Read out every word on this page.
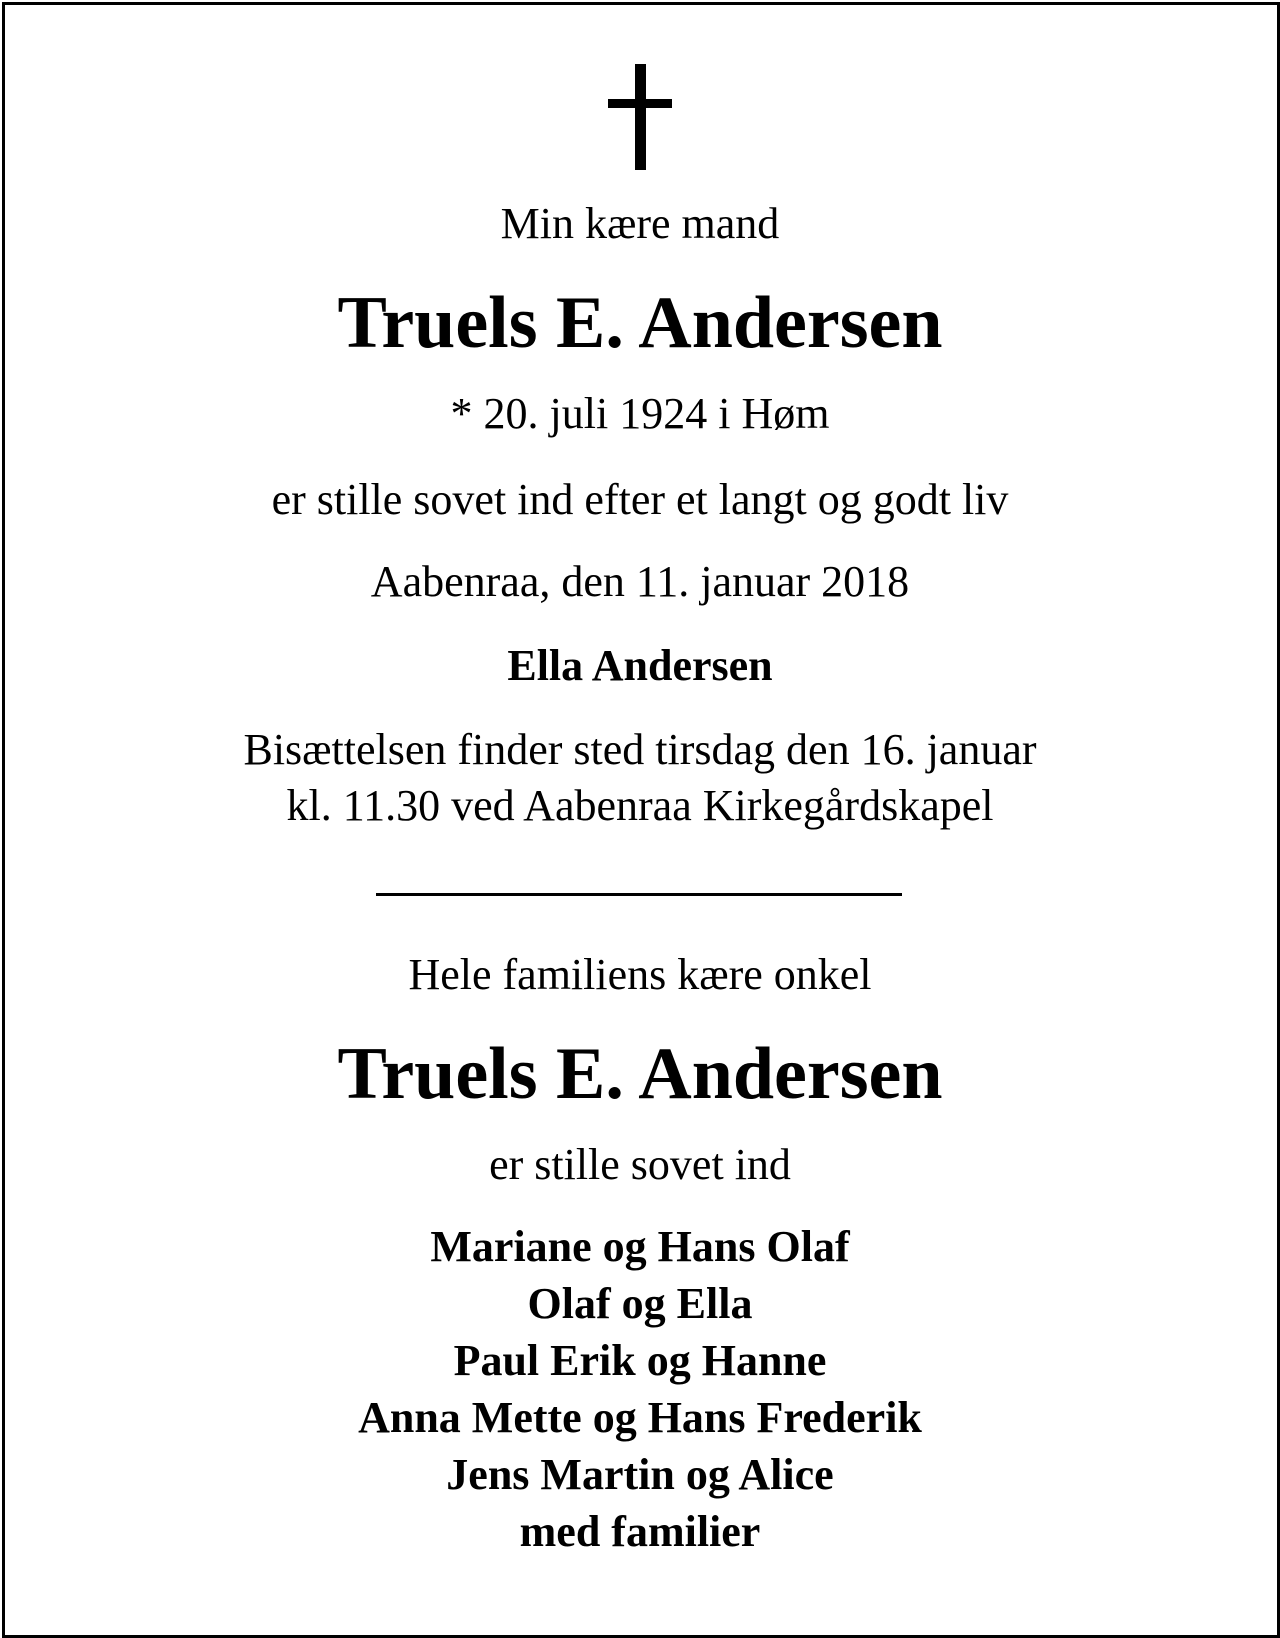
Min kære mand
Truels E. Andersen
* 20. juli 1924 i Høm
er stille sovet ind efter et langt og godt liv
Aabenraa, den 11. januar 2018
Ella Andersen
Bisættelsen finder sted tirsdag den 16. januar
kl. 11.30 ved Aabenraa Kirkegårdskapel
Hele familiens kære onkel
Truels E. Andersen
er stille sovet ind
Mariane og Hans Olaf
Olaf og Ella
Paul Erik og Hanne
Anna Mette og Hans Frederik
Jens Martin og Alice
med familier
